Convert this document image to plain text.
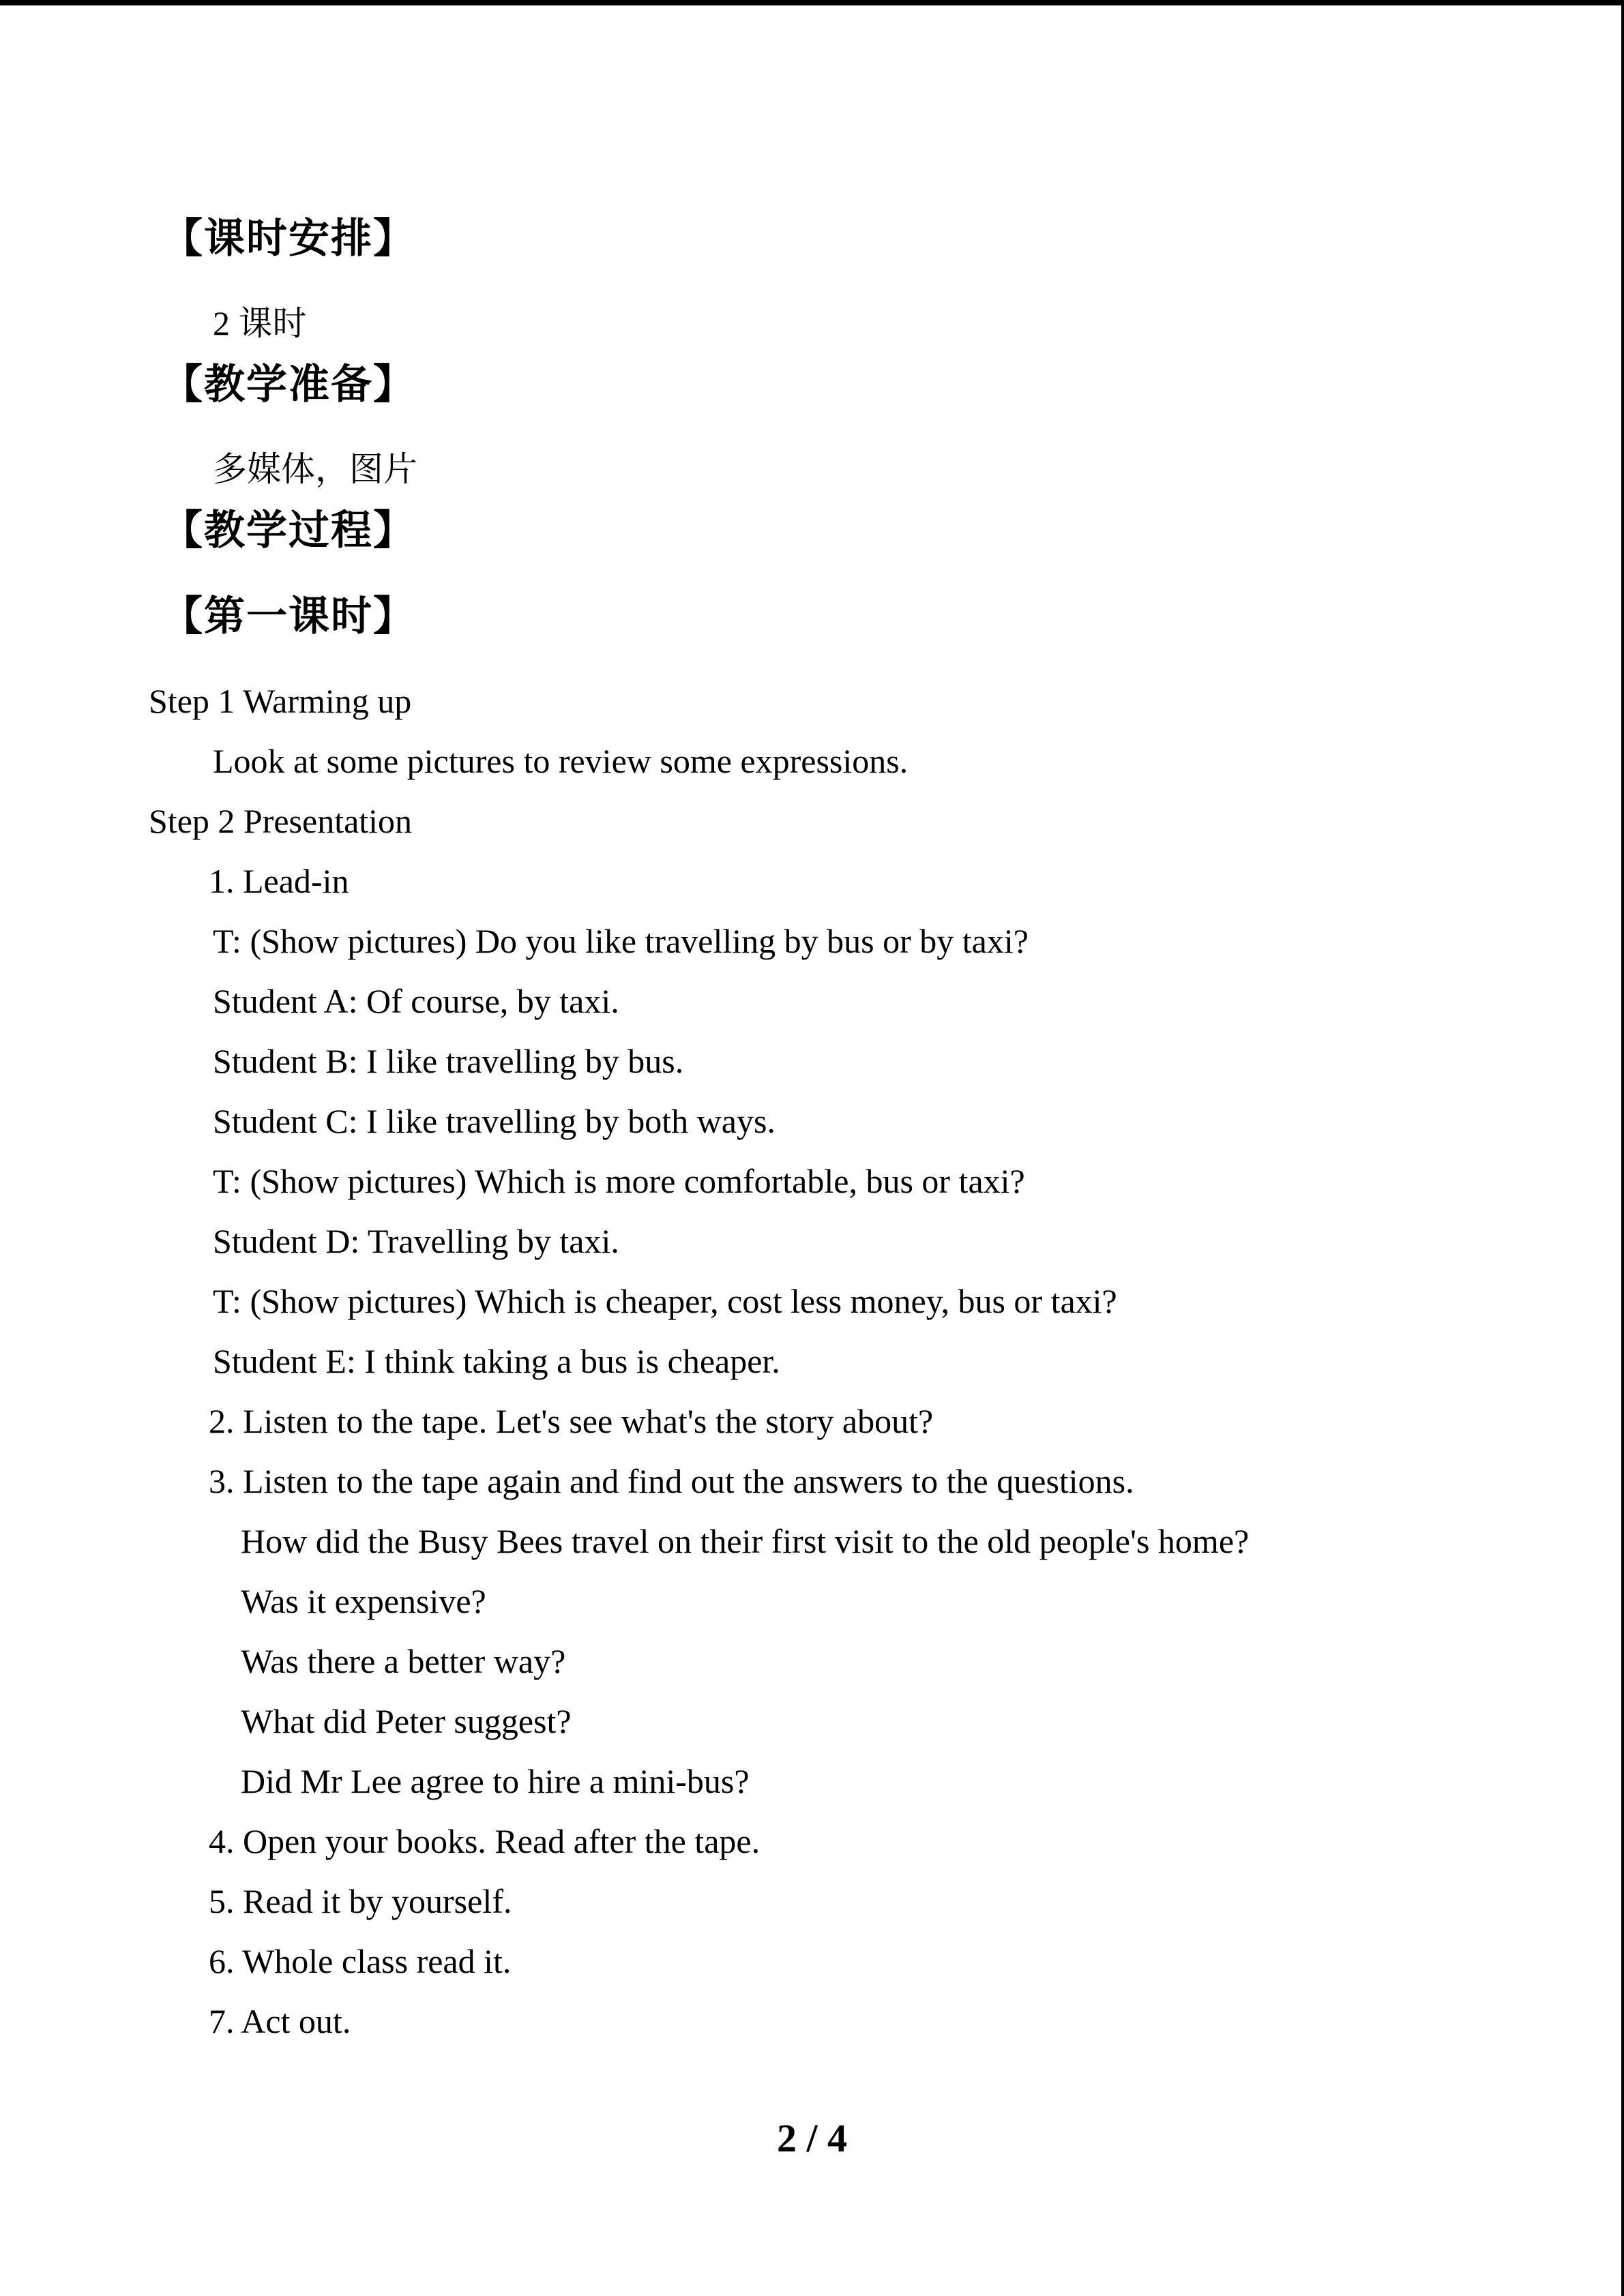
【课时安排】
2 课时
【教学准备】
多媒体，图片
【教学过程】
【第一课时】
Step 1 Warming up
Look at some pictures to review some expressions.
Step 2 Presentation
1. Lead-in
T: (Show pictures) Do you like travelling by bus or by taxi?
Student A: Of course, by taxi.
Student B: I like travelling by bus.
Student C: I like travelling by both ways.
T: (Show pictures) Which is more comfortable, bus or taxi?
Student D: Travelling by taxi.
T: (Show pictures) Which is cheaper, cost less money, bus or taxi?
Student E: I think taking a bus is cheaper.
2. Listen to the tape. Let's see what's the story about?
3. Listen to the tape again and find out the answers to the questions.
How did the Busy Bees travel on their first visit to the old people's home?
Was it expensive?
Was there a better way?
What did Peter suggest?
Did Mr Lee agree to hire a mini-bus?
4. Open your books. Read after the tape.
5. Read it by yourself.
6. Whole class read it.
7. Act out.
2 / 4
